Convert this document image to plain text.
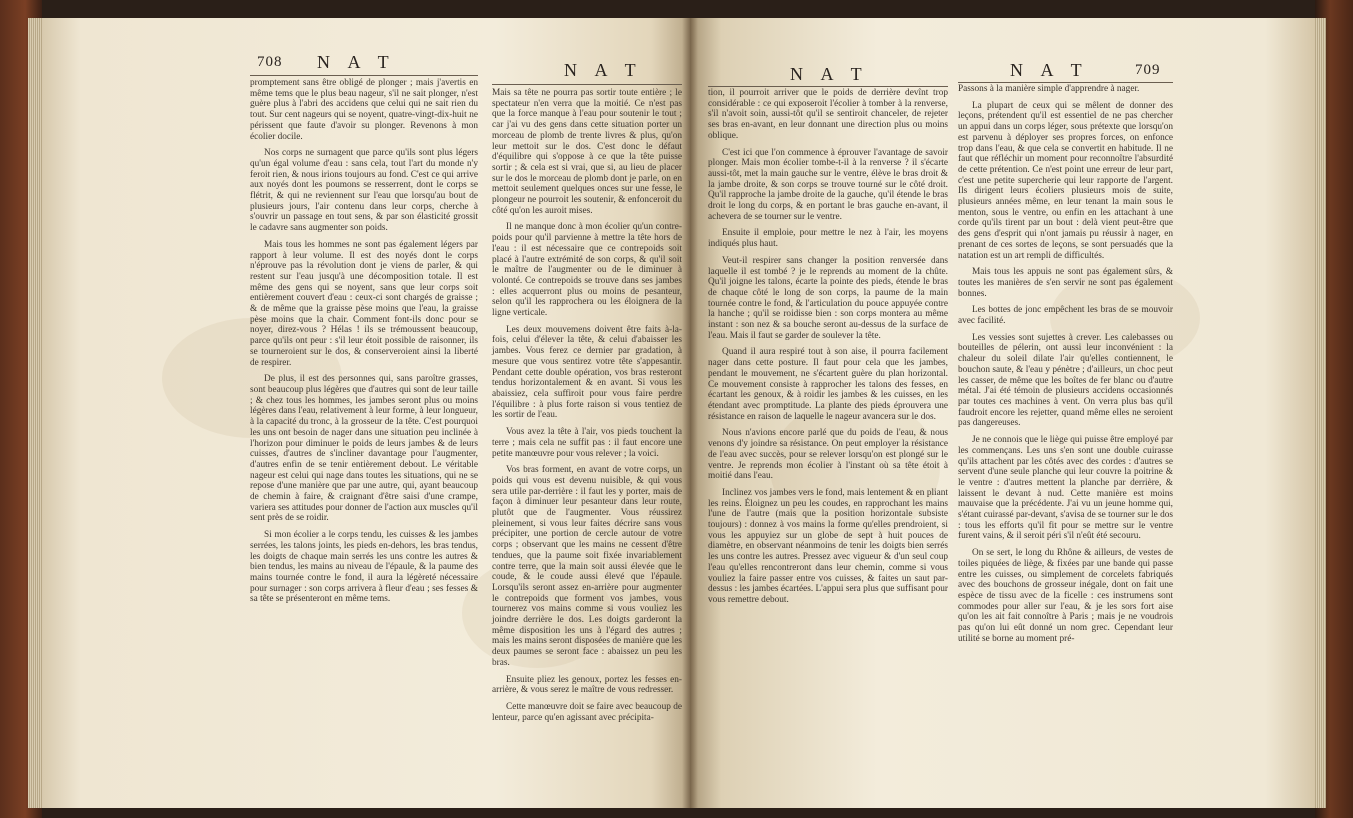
708 N A T	N A T

promptement sans être obligé de plonger ; mais j'avertis en même tems que le plus beau nageur, s'il ne sait plonger, n'est guère plus à l'abri des accidens que celui qui ne sait rien du tout. Sur cent nageurs qui se noyent, quatre-vingt-dix-huit ne périssent que faute d'avoir su plonger. Revenons à mon écolier docile.

Nos corps ne surnagent que parce qu'ils sont plus légers qu'un égal volume d'eau : sans cela, tout l'art du monde n'y feroit rien, & nous irions toujours au fond. C'est ce qui arrive aux noyés dont les poumons se resserrent, dont le corps se flétrit, & qui ne reviennent sur l'eau que lorsqu'au bout de plusieurs jours, l'air contenu dans leur corps, cherche à s'ouvrir un passage en tout sens, & par son élasticité grossit le cadavre sans augmenter son poids.

Mais tous les hommes ne sont pas également légers par rapport à leur volume. Il est des noyés dont le corps n'éprouve pas la révolution dont je viens de parler, & qui restent sur l'eau jusqu'à une décomposition totale. Il est même des gens qui se noyent, sans que leur corps soit entièrement couvert d'eau : ceux-ci sont chargés de graisse ; & de même que la graisse pèse moins que l'eau, la graisse pèse moins que la chair. Comment font-ils donc pour se noyer, direz-vous ? Hélas ! ils se trémoussent beaucoup, parce qu'ils ont peur : s'il leur étoit possible de raisonner, ils se tourneroient sur le dos, & conserveroient ainsi la liberté de respirer.

De plus, il est des personnes qui, sans paroître grasses, sont beaucoup plus légères que d'autres qui sont de leur taille ; & chez tous les hommes, les jambes seront plus ou moins légères dans l'eau, relativement à leur forme, à leur longueur, à la capacité du tronc, à la grosseur de la tête. C'est pourquoi les uns ont besoin de nager dans une situation peu inclinée à l'horizon pour diminuer le poids de leurs jambes & de leurs cuisses, d'autres de s'incliner davantage pour l'augmenter, d'autres enfin de se tenir entièrement debout. Le véritable nageur est celui qui nage dans toutes les situations, qui ne se repose d'une manière que par une autre, qui, ayant beaucoup de chemin à faire, & craignant d'être saisi d'une crampe, variera ses attitudes pour donner de l'action aux muscles qu'il sent près de se roidir.

Si mon écolier a le corps tendu, les cuisses & les jambes serrées, les talons joints, les pieds en-dehors, les bras tendus, les doigts de chaque main serrés les uns contre les autres & bien tendus, les mains au niveau de l'épaule, & la paume des mains tournée contre le fond, il aura la légèreté nécessaire pour surnager : son corps arrivera à fleur d'eau ; ses fesses & sa tête se présenteront en même tems.

Mais sa tête ne pourra pas sortir toute entière ; le spectateur n'en verra que la moitié. Ce n'est pas que la force manque à l'eau pour soutenir le tout ; car j'ai vu des gens dans cette situation porter un morceau de plomb de trente livres & plus, qu'on leur mettoit sur le dos. C'est donc le défaut d'équilibre qui s'oppose à ce que la tête puisse sortir ; & cela est si vrai, que si, au lieu de placer sur le dos le morceau de plomb dont je parle, on en mettoit seulement quelques onces sur une fesse, le plongeur ne pourroit les soutenir, & enfonceroit du côté qu'on les auroit mises.

Il ne manque donc à mon écolier qu'un contre-poids pour qu'il parvienne à mettre la tête hors de l'eau : il est nécessaire que ce contrepoids soit placé à l'autre extrémité de son corps, & qu'il soit le maître de l'augmenter ou de le diminuer à volonté. Ce contrepoids se trouve dans ses jambes : elles acquerront plus ou moins de pesanteur, selon qu'il les rapprochera ou les éloignera de la ligne verticale.

Les deux mouvemens doivent être faits à-la-fois, celui d'élever la tête, & celui d'abaisser les jambes. Vous ferez ce dernier par gradation, à mesure que vous sentirez votre tête s'appesantir. Pendant cette double opération, vos bras resteront tendus horizontalement & en avant. Si vous les abaissiez, cela suffiroit pour vous faire perdre l'équilibre : à plus forte raison si vous tentiez de les sortir de l'eau.

Vous avez la tête à l'air, vos pieds touchent la terre ; mais cela ne suffit pas : il faut encore une petite manœuvre pour vous relever ; la voici.

Vos bras forment, en avant de votre corps, un poids qui vous est devenu nuisible, & qui vous sera utile par-derrière : il faut les y porter, mais de façon à diminuer leur pesanteur dans leur route, plutôt que de l'augmenter. Vous réussirez pleinement, si vous leur faites décrire sans vous précipiter, une portion de cercle autour de votre corps ; observant que les mains ne cessent d'être tendues, que la paume soit fixée invariablement contre terre, que la main soit aussi élevée que le coude, & le coude aussi élevé que l'épaule. Lorsqu'ils seront assez en-arrière pour augmenter le contrepoids que forment vos jambes, vous tournerez vos mains comme si vous vouliez les joindre derrière le dos. Les doigts garderont la même disposition les uns à l'égard des autres ; mais les mains seront disposées de manière que les deux paumes se seront face : abaissez un peu les bras.

Ensuite pliez les genoux, portez les fesses en-arrière, & vous serez le maître de vous redresser.

Cette manœuvre doit se faire avec beaucoup de lenteur, parce qu'en agissant avec précipita-

N A T	N A T	709

tion, il pourroit arriver que le poids de derrière devînt trop considérable : ce qui exposeroit l'écolier à tomber à la renverse, s'il n'avoit soin, aussi-tôt qu'il se sentiroit chanceler, de rejeter ses bras en-avant, en leur donnant une direction plus ou moins oblique.

C'est ici que l'on commence à éprouver l'avantage de savoir plonger. Mais mon écolier tombe-t-il à la renverse ? il s'écarte aussi-tôt, met la main gauche sur le ventre, élève le bras droit & la jambe droite, & son corps se trouve tourné sur le côté droit. Qu'il rapproche la jambe droite de la gauche, qu'il étende le bras droit le long du corps, & en portant le bras gauche en-avant, il achevera de se tourner sur le ventre.

Ensuite il emploie, pour mettre le nez à l'air, les moyens indiqués plus haut.

Veut-il respirer sans changer la position renversée dans laquelle il est tombé ? je le reprends au moment de la chûte. Qu'il joigne les talons, écarte la pointe des pieds, étende le bras de chaque côté le long de son corps, la paume de la main tournée contre le fond, & l'articulation du pouce appuyée contre la hanche ; qu'il se roidisse bien : son corps montera au même instant : son nez & sa bouche seront au-dessus de la surface de l'eau. Mais il faut se garder de soulever la tête.

Quand il aura respiré tout à son aise, il pourra facilement nager dans cette posture. Il faut pour cela que les jambes, pendant le mouvement, ne s'écartent guère du plan horizontal. Ce mouvement consiste à rapprocher les talons des fesses, en écartant les genoux, & à roidir les jambes & les cuisses, en les étendant avec promptitude. La plante des pieds éprouvera une résistance en raison de laquelle le nageur avancera sur le dos.

Nous n'avions encore parlé que du poids de l'eau, & nous venons d'y joindre sa résistance. On peut employer la résistance de l'eau avec succès, pour se relever lorsqu'on est plongé sur le ventre. Je reprends mon écolier à l'instant où sa tête étoit à moitié dans l'eau.

Inclinez vos jambes vers le fond, mais lentement & en pliant les reins. Éloignez un peu les coudes, en rapprochant les mains l'une de l'autre (mais que la position horizontale subsiste toujours) : donnez à vos mains la forme qu'elles prendroient, si vous les appuyiez sur un globe de sept à huit pouces de diamètre, en observant néanmoins de tenir les doigts bien serrés les uns contre les autres. Pressez avec vigueur & d'un seul coup l'eau qu'elles rencontreront dans leur chemin, comme si vous vouliez la faire passer entre vos cuisses, & faites un saut par-dessus : les jambes écartées. L'appui sera plus que suffisant pour vous remettre debout.

Passons à la manière simple d'apprendre à nager.

La plupart de ceux qui se mêlent de donner des leçons, prétendent qu'il est essentiel de ne pas chercher un appui dans un corps léger, sous prétexte que lorsqu'on est parvenu à déployer ses propres forces, on enfonce trop dans l'eau, & que cela se convertit en habitude. Il ne faut que réfléchir un moment pour reconnoître l'absurdité de cette prétention. Ce n'est point une erreur de leur part, c'est une petite supercherie qui leur rapporte de l'argent. Ils dirigent leurs écoliers plusieurs mois de suite, plusieurs années même, en leur tenant la main sous le menton, sous le ventre, ou enfin en les attachant à une corde qu'ils tirent par un bout : delà vient peut-être que des gens d'esprit qui n'ont jamais pu réussir à nager, en prenant de ces sortes de leçons, se sont persuadés que la natation est un art rempli de difficultés.

Mais tous les appuis ne sont pas également sûrs, & toutes les manières de s'en servir ne sont pas également bonnes.

Les bottes de jonc empêchent les bras de se mouvoir avec facilité.

Les vessies sont sujettes à crever. Les calebasses ou bouteilles de pélerin, ont aussi leur inconvénient : la chaleur du soleil dilate l'air qu'elles contiennent, le bouchon saute, & l'eau y pénètre ; d'ailleurs, un choc peut les casser, de même que les boîtes de fer blanc ou d'autre métal. J'ai été témoin de plusieurs accidens occasionnés par toutes ces machines à vent. On verra plus bas qu'il faudroit encore les rejetter, quand même elles ne seroient pas dangereuses.

Je ne connois que le liège qui puisse être employé par les commençans. Les uns s'en sont une double cuirasse qu'ils attachent par les côtés avec des cordes : d'autres se servent d'une seule planche qui leur couvre la poitrine & le ventre : d'autres mettent la planche par derrière, & laissent le devant à nud. Cette manière est moins mauvaise que la précédente. J'ai vu un jeune homme qui, s'étant cuirassé par-devant, s'avisa de se tourner sur le dos : tous les efforts qu'il fit pour se mettre sur le ventre furent vains, & il seroit péri s'il n'eût été secouru.

On se sert, le long du Rhône & ailleurs, de vestes de toiles piquées de liège, & fixées par une bande qui passe entre les cuisses, ou simplement de corcelets fabriqués avec des bouchons de grosseur inégale, dont on fait une espèce de tissu avec de la ficelle : ces instrumens sont commodes pour aller sur l'eau, & je les sors fort aise qu'on les ait fait connoître à Paris ; mais je ne voudrois pas qu'on lui eût donné un nom grec. Cependant leur utilité se borne au moment pré-
